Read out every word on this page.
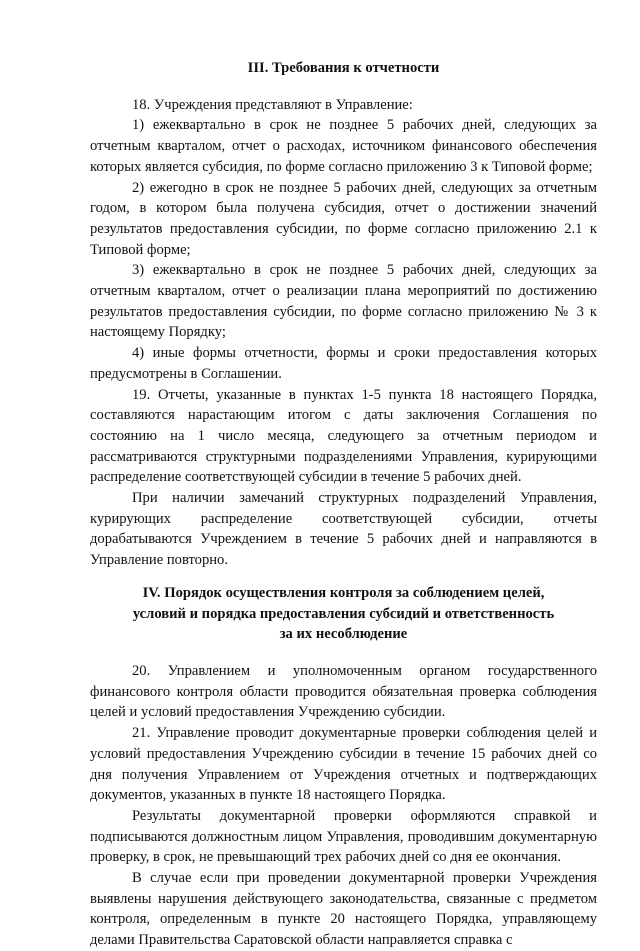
III. Требования к отчетности

18. Учреждения представляют в Управление:

1) ежеквартально в срок не позднее 5 рабочих дней, следующих за отчетным кварталом, отчет о расходах, источником финансового обеспечения которых является субсидия, по форме согласно приложению 3 к Типовой форме;

2) ежегодно в срок не позднее 5 рабочих дней, следующих за отчетным годом, в котором была получена субсидия, отчет о достижении значений результатов предоставления субсидии, по форме согласно приложению 2.1 к Типовой форме;

3) ежеквартально в срок не позднее 5 рабочих дней, следующих за отчетным кварталом, отчет о реализации плана мероприятий по достижению результатов предоставления субсидии, по форме согласно приложению № 3 к настоящему Порядку;

4) иные формы отчетности, формы и сроки предоставления которых предусмотрены в Соглашении.

19. Отчеты, указанные в пунктах 1-5 пункта 18 настоящего Порядка, составляются нарастающим итогом с даты заключения Соглашения по состоянию на 1 число месяца, следующего за отчетным периодом и рассматриваются структурными подразделениями Управления, курирующими распределение соответствующей субсидии в течение 5 рабочих дней.

При наличии замечаний структурных подразделений Управления, курирующих распределение соответствующей субсидии, отчеты дорабатываются Учреждением в течение 5 рабочих дней и направляются в Управление повторно.

IV. Порядок осуществления контроля за соблюдением целей,
условий и порядка предоставления субсидий и ответственность
за их несоблюдение

20. Управлением и уполномоченным органом государственного финансового контроля области проводится обязательная проверка соблюдения целей и условий предоставления Учреждению субсидии.

21. Управление проводит документарные проверки соблюдения целей и условий предоставления Учреждению субсидии в течение 15 рабочих дней со дня получения Управлением от Учреждения отчетных и подтверждающих документов, указанных в пункте 18 настоящего Порядка.

Результаты документарной проверки оформляются справкой и подписываются должностным лицом Управления, проводившим документарную проверку, в срок, не превышающий трех рабочих дней со дня ее окончания.

В случае если при проведении документарной проверки Учреждения выявлены нарушения действующего законодательства, связанные с предметом контроля, определенным в пункте 20 настоящего Порядка, управляющему делами Правительства Саратовской области направляется справка с
